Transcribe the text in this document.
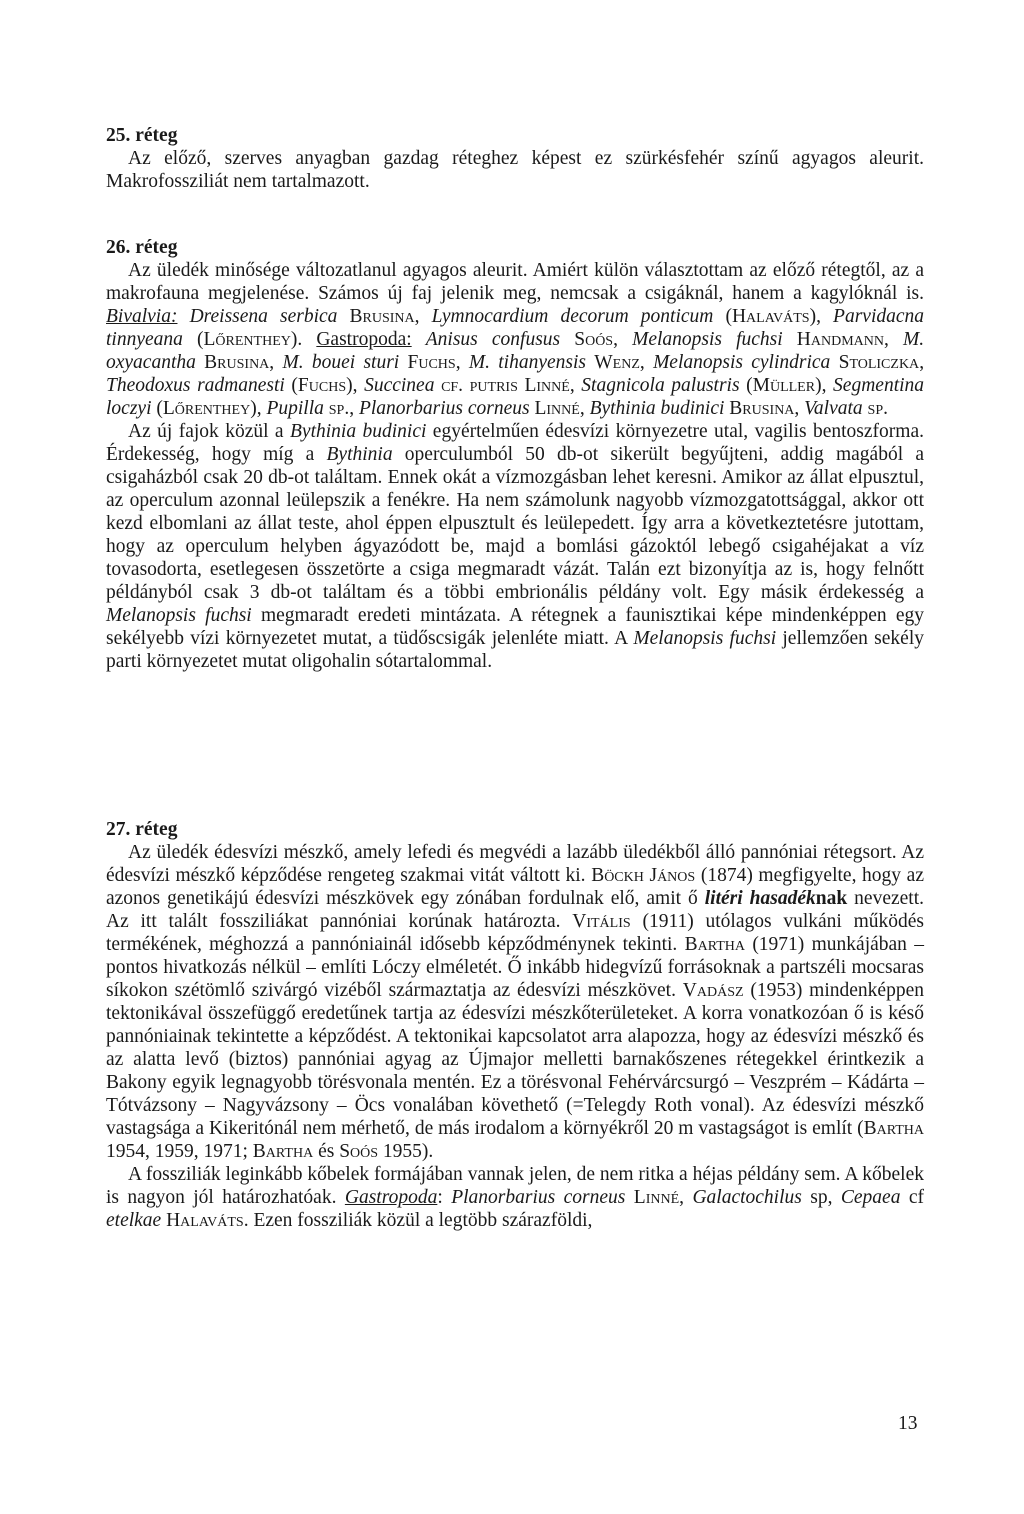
25. réteg

Az előző, szerves anyagban gazdag réteghez képest ez szürkésfehér színű agyagos aleurit. Makrofossziliát nem tartalmazott.

26. réteg

Az üledék minősége változatlanul agyagos aleurit. Amiért külön választottam az előző rétegtől, az a makrofauna megjelenése. Számos új faj jelenik meg, nemcsak a csigáknál, hanem a kagylóknál is. Bivalvia: Dreissena serbica Brusina, Lymnocardium decorum ponticum (Halaváts), Parvidacna tinnyeana (Lőrenthey). Gastropoda: Anisus confusus Soós, Melanopsis fuchsi Handmann, M. oxyacantha Brusina, M. bouei sturi Fuchs, M. tihanyensis Wenz, Melanopsis cylindrica Stoliczka, Theodoxus radmanesti (Fuchs), Succinea cf. putris Linné, Stagnicola palustris (Müller), Segmentina loczyi (Lőrenthey), Pupilla sp., Planorbarius corneus Linné, Bythinia budinici Brusina, Valvata sp.

Az új fajok közül a Bythinia budinici egyértelműen édesvízi környezetre utal, vagilis bentoszforma. Érdekesség, hogy míg a Bythinia operculumból 50 db-ot sikerült begyűjteni, addig magából a csigaházból csak 20 db-ot találtam. Ennek okát a vízmozgásban lehet keresni. Amikor az állat elpusztul, az operculum azonnal leülepszik a fenékre. Ha nem számolunk nagyobb vízmozgatottsággal, akkor ott kezd elbomlani az állat teste, ahol éppen elpusztult és leülepedett. Így arra a következtetésre jutottam, hogy az operculum helyben ágyazódott be, majd a bomlási gázoktól lebegő csigahéjakat a víz tovasodorta, esetlegesen összetörte a csiga megmaradt vázát. Talán ezt bizonyítja az is, hogy felnőtt példányból csak 3 db-ot találtam és a többi embrionális példány volt. Egy másik érdekesség a Melanopsis fuchsi megmaradt eredeti mintázata. A rétegnek a faunisztikai képe mindenképpen egy sekélyebb vízi környezetet mutat, a tüdőscsigák jelenléte miatt. A Melanopsis fuchsi jellemzően sekély parti környezetet mutat oligohalin sótartalommal.

27. réteg

Az üledék édesvízi mészkő, amely lefedi és megvédi a lazább üledékből álló pannóniai rétegsort. Az édesvízi mészkő képződése rengeteg szakmai vitát váltott ki. Böckh János (1874) megfigyelte, hogy az azonos genetikájú édesvízi mészkövek egy zónában fordulnak elő, amit ő litéri hasadéknak nevezett. Az itt talált fossziliákat pannóniai korúnak határozta. Vitális (1911) utólagos vulkáni működés termékének, méghozzá a pannóniainál idősebb képződménynek tekinti. Bartha (1971) munkájában – pontos hivatkozás nélkül – említi Lóczy elméletét. Ő inkább hidegvízű forrásoknak a partszéli mocsaras síkokon szétömlő szivárgó vizéből származtatja az édesvízi mészkövet. Vadász (1953) mindenképpen tektonikával összefüggő eredetűnek tartja az édesvízi mészkőterületeket. A korra vonatkozóan ő is késő pannóniainak tekintette a képződést. A tektonikai kapcsolatot arra alapozza, hogy az édesvízi mészkő és az alatta levő (biztos) pannóniai agyag az Újmajor melletti barnakőszenes rétegekkel érintkezik a Bakony egyik legnagyobb törésvonala mentén. Ez a törésvonal Fehérvárcsurgó – Veszprém – Kádárta – Tótvázsony – Nagyvázsony – Öcs vonalában követhető (=Telegdy Roth vonal). Az édesvízi mészkő vastagsága a Kikeritónál nem mérhető, de más irodalom a környékről 20 m vastagságot is említ (Bartha 1954, 1959, 1971; Bartha és Soós 1955).

A fossziliák leginkább kőbelek formájában vannak jelen, de nem ritka a héjas példány sem. A kőbelek is nagyon jól határozhatóak. Gastropoda: Planorbarius corneus Linné, Galactochilus sp, Cepaea cf etelkae Halaváts. Ezen fossziliák közül a legtöbb szárazföldi,

13
